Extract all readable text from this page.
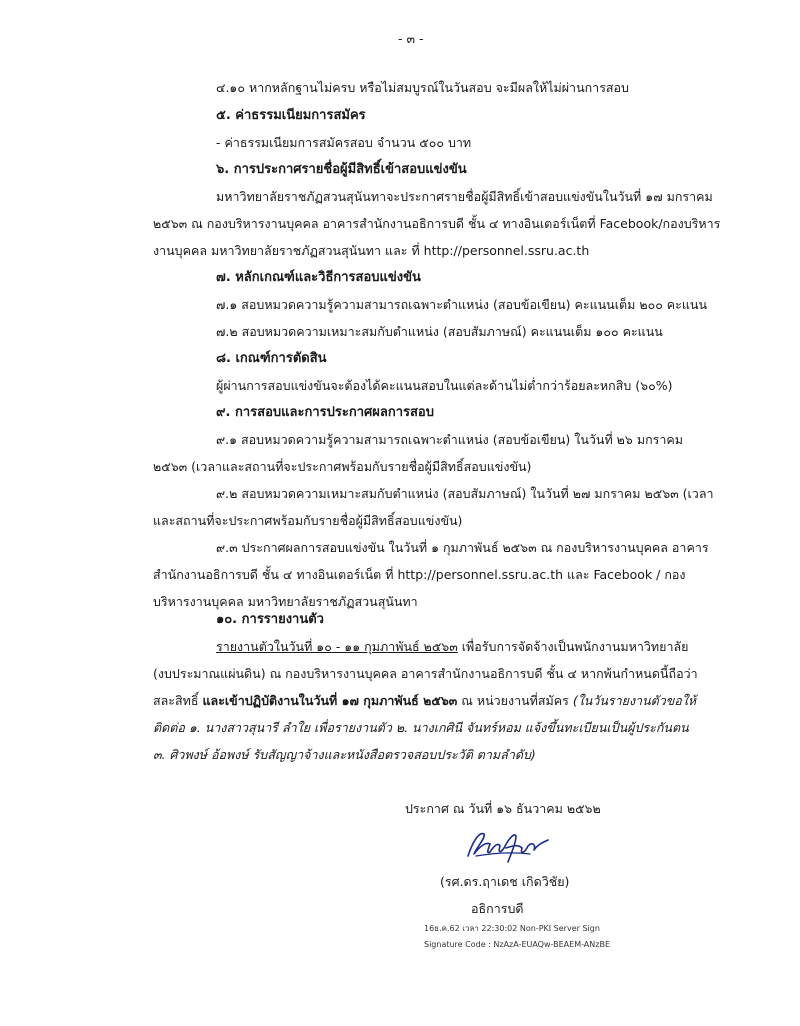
- ๓ -
๔.๑๐ หากหลักฐานไม่ครบ หรือไม่สมบูรณ์ในวันสอบ จะมีผลให้ไม่ผ่านการสอบ
๕. ค่าธรรมเนียมการสมัคร
- ค่าธรรมเนียมการสมัครสอบ จำนวน ๕๐๐ บาท
๖. การประกาศรายชื่อผู้มีสิทธิ์เข้าสอบแข่งขัน
มหาวิทยาลัยราชภัฏสวนสุนันทาจะประกาศรายชื่อผู้มีสิทธิ์เข้าสอบแข่งขันในวันที่ ๑๗ มกราคม
๒๕๖๓ ณ กองบริหารงานบุคคล อาคารสำนักงานอธิการบดี ชั้น ๔ ทางอินเตอร์เน็ตที่ Facebook/กองบริหาร
งานบุคคล มหาวิทยาลัยราชภัฏสวนสุนันทา และ ที่ http://personnel.ssru.ac.th
๗. หลักเกณฑ์และวิธีการสอบแข่งขัน
๗.๑ สอบหมวดความรู้ความสามารถเฉพาะตำแหน่ง (สอบข้อเขียน) คะแนนเต็ม ๒๐๐ คะแนน
๗.๒ สอบหมวดความเหมาะสมกับตำแหน่ง (สอบสัมภาษณ์) คะแนนเต็ม ๑๐๐ คะแนน
๘. เกณฑ์การตัดสิน
ผู้ผ่านการสอบแข่งขันจะต้องได้คะแนนสอบในแต่ละด้านไม่ต่ำกว่าร้อยละหกสิบ (๖๐%)
๙. การสอบและการประกาศผลการสอบ
๙.๑ สอบหมวดความรู้ความสามารถเฉพาะตำแหน่ง (สอบข้อเขียน) ในวันที่ ๒๖ มกราคม
๒๕๖๓ (เวลาและสถานที่จะประกาศพร้อมกับรายชื่อผู้มีสิทธิ์สอบแข่งขัน)
๙.๒ สอบหมวดความเหมาะสมกับตำแหน่ง (สอบสัมภาษณ์) ในวันที่ ๒๗ มกราคม ๒๕๖๓ (เวลา
และสถานที่จะประกาศพร้อมกับรายชื่อผู้มีสิทธิ์สอบแข่งขัน)
๙.๓ ประกาศผลการสอบแข่งขัน ในวันที่ ๑ กุมภาพันธ์ ๒๕๖๓ ณ กองบริหารงานบุคคล อาคาร
สำนักงานอธิการบดี ชั้น ๔ ทางอินเตอร์เน็ต ที่ http://personnel.ssru.ac.th และ Facebook / กอง
บริหารงานบุคคล มหาวิทยาลัยราชภัฏสวนสุนันทา
๑๐. การรายงานตัว
รายงานตัวในวันที่ ๑๐ - ๑๑ กุมภาพันธ์ ๒๕๖๓ เพื่อรับการจัดจ้างเป็นพนักงานมหาวิทยาลัย
(งบประมาณแผ่นดิน) ณ กองบริหารงานบุคคล อาคารสำนักงานอธิการบดี ชั้น ๔ หากพ้นกำหนดนี้ถือว่า
สละสิทธิ์ และเข้าปฏิบัติงานในวันที่ ๑๗ กุมภาพันธ์ ๒๕๖๓ ณ หน่วยงานที่สมัคร (ในวันรายงานตัวขอให้
ติดต่อ ๑. นางสาวสุนารี ลำใย เพื่อรายงานตัว ๒. นางเกศินี จันทร์หอม แจ้งขึ้นทะเบียนเป็นผู้ประกันตน
๓. ศิวพงษ์ อ้อพงษ์ รับสัญญาจ้างและหนังสือตรวจสอบประวัติ ตามลำดับ)
ประกาศ ณ วันที่ ๑๖ ธันวาคม ๒๕๖๒
(รศ.ดร.ฤาเดช เกิดวิชัย)
อธิการบดี
16ธ.ค.62 เวลา 22:30:02 Non-PKI Server Sign
Signature Code : NzAzA-EUAQw-BEAEM-ANzBE
